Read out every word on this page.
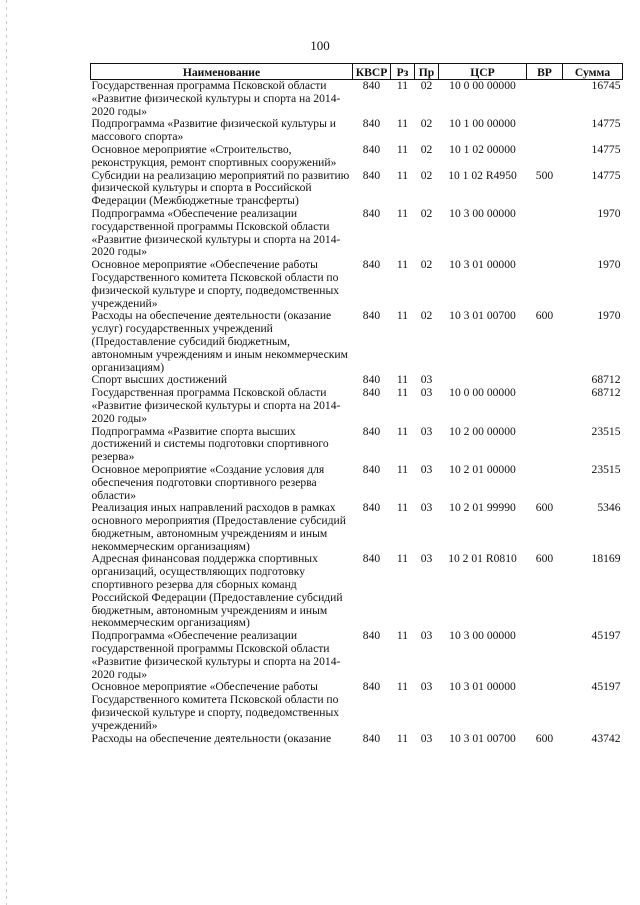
100
Наименование	КВСР	Рз	Пр	ЦСР	ВР	Сумма
Государственная программа Псковской области «Развитие физической культуры и спорта на 2014-2020 годы»	840	11	02	10 0 00 00000		16745
Подпрограмма «Развитие физической культуры и массового спорта»	840	11	02	10 1 00 00000		14775
Основное мероприятие «Строительство, реконструкция, ремонт спортивных сооружений»	840	11	02	10 1 02 00000		14775
Субсидии на реализацию мероприятий по развитию физической культуры и спорта в Российской Федерации (Межбюджетные трансферты)	840	11	02	10 1 02 R4950	500	14775
Подпрограмма «Обеспечение реализации государственной программы Псковской области «Развитие физической культуры и спорта на 2014-2020 годы»	840	11	02	10 3 00 00000		1970
Основное мероприятие «Обеспечение работы Государственного комитета Псковской области по физической культуре и спорту, подведомственных учреждений»	840	11	02	10 3 01 00000		1970
Расходы на обеспечение деятельности (оказание услуг) государственных учреждений (Предоставление субсидий бюджетным, автономным учреждениям и иным некоммерческим организациям)	840	11	02	10 3 01 00700	600	1970
Спорт высших достижений	840	11	03			68712
Государственная программа Псковской области «Развитие физической культуры и спорта на 2014-2020 годы»	840	11	03	10 0 00 00000		68712
Подпрограмма «Развитие спорта высших достижений и системы подготовки спортивного резерва»	840	11	03	10 2 00 00000		23515
Основное мероприятие «Создание условия для обеспечения подготовки спортивного резерва области»	840	11	03	10 2 01 00000		23515
Реализация иных направлений расходов в рамках основного мероприятия (Предоставление субсидий бюджетным, автономным учреждениям и иным некоммерческим организациям)	840	11	03	10 2 01 99990	600	5346
Адресная финансовая поддержка спортивных организаций, осуществляющих подготовку спортивного резерва для сборных команд Российской Федерации (Предоставление субсидий бюджетным, автономным учреждениям и иным некоммерческим организациям)	840	11	03	10 2 01 R0810	600	18169
Подпрограмма «Обеспечение реализации государственной программы Псковской области «Развитие физической культуры и спорта на 2014-2020 годы»	840	11	03	10 3 00 00000		45197
Основное мероприятие «Обеспечение работы Государственного комитета Псковской области по физической культуре и спорту, подведомственных учреждений»	840	11	03	10 3 01 00000		45197
Расходы на обеспечение деятельности (оказание	840	11	03	10 3 01 00700	600	43742
